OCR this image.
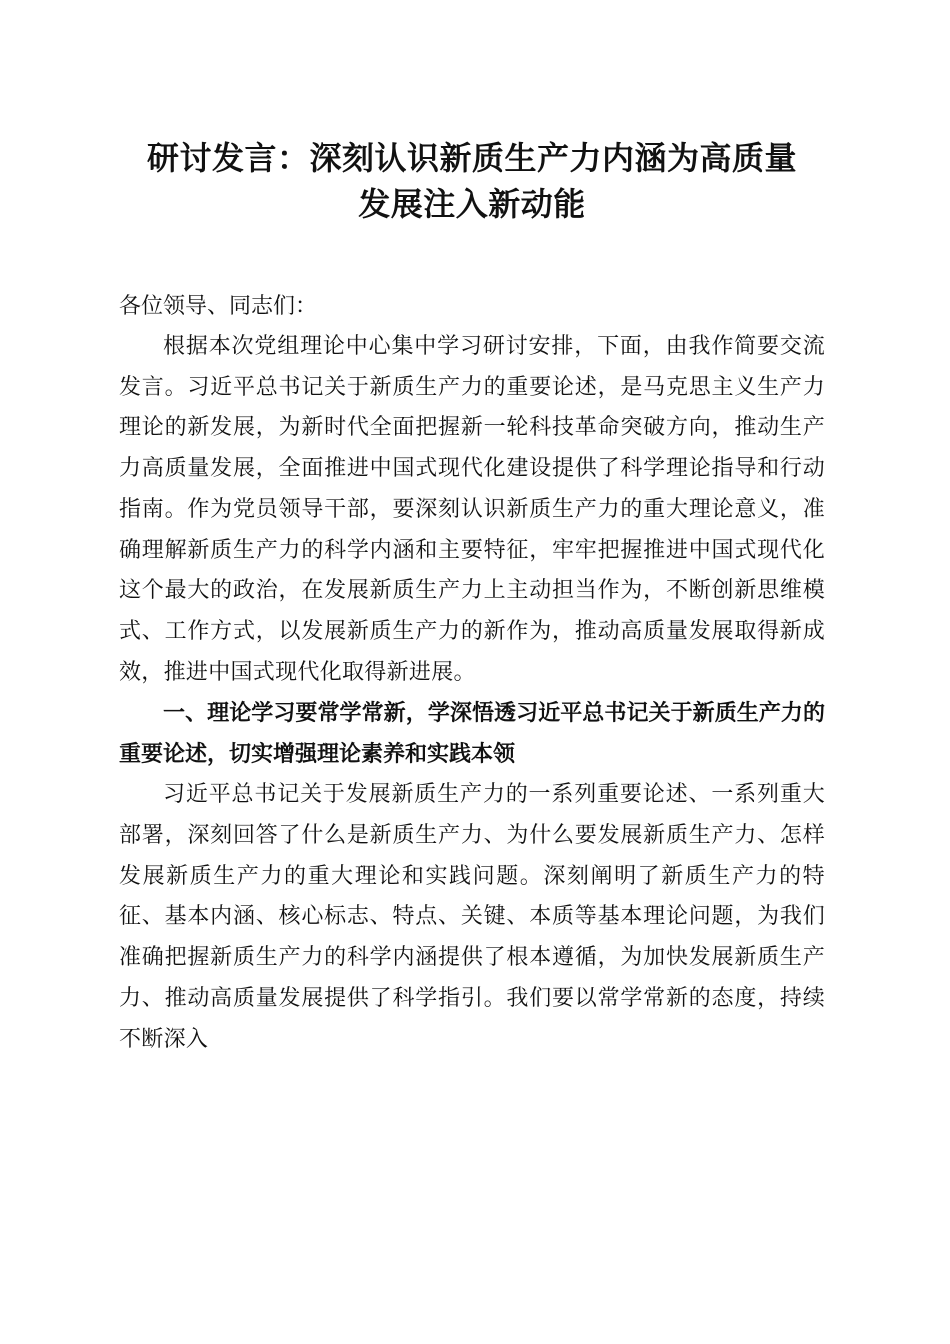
研讨发言：深刻认识新质生产力内涵为高质量
发展注入新动能

各位领导、同志们：

根据本次党组理论中心集中学习研讨安排，下面，由我作简要交流发言。习近平总书记关于新质生产力的重要论述，是马克思主义生产力理论的新发展，为新时代全面把握新一轮科技革命突破方向，推动生产力高质量发展，全面推进中国式现代化建设提供了科学理论指导和行动指南。作为党员领导干部，要深刻认识新质生产力的重大理论意义，准确理解新质生产力的科学内涵和主要特征，牢牢把握推进中国式现代化这个最大的政治，在发展新质生产力上主动担当作为，不断创新思维模式、工作方式，以发展新质生产力的新作为，推动高质量发展取得新成效，推进中国式现代化取得新进展。

一、理论学习要常学常新，学深悟透习近平总书记关于新质生产力的重要论述，切实增强理论素养和实践本领

习近平总书记关于发展新质生产力的一系列重要论述、一系列重大部署，深刻回答了什么是新质生产力、为什么要发展新质生产力、怎样发展新质生产力的重大理论和实践问题。深刻阐明了新质生产力的特征、基本内涵、核心标志、特点、关键、本质等基本理论问题，为我们准确把握新质生产力的科学内涵提供了根本遵循，为加快发展新质生产力、推动高质量发展提供了科学指引。我们要以常学常新的态度，持续不断深入
